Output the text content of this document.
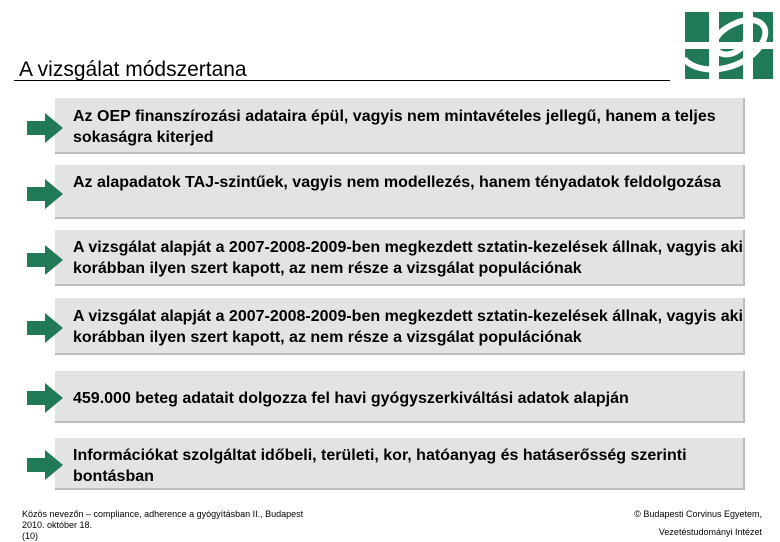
A vizsgálat módszertana
Az OEP finanszírozási adataira épül, vagyis nem mintavételes jellegű, hanem a teljes sokaságra kiterjed
Az alapadatok TAJ-szintűek, vagyis nem modellezés, hanem tényadatok feldolgozása
A vizsgálat alapját a 2007-2008-2009-ben megkezdett sztatin-kezelések állnak, vagyis aki korábban ilyen szert kapott, az nem része a vizsgálat populációnak
A vizsgálat alapját a 2007-2008-2009-ben megkezdett sztatin-kezelések állnak, vagyis aki korábban ilyen szert kapott, az nem része a vizsgálat populációnak
459.000 beteg adatait dolgozza fel havi gyógyszerkiváltási adatok alapján
Információkat szolgáltat időbeli, területi, kor, hatóanyag és hatáserősség szerinti bontásban
Közös nevezőn – compliance, adherence a gyógyításban II., Budapest
2010. október 18.
(10)
© Budapesti Corvinus Egyetem,
Vezetéstudományi Intézet
